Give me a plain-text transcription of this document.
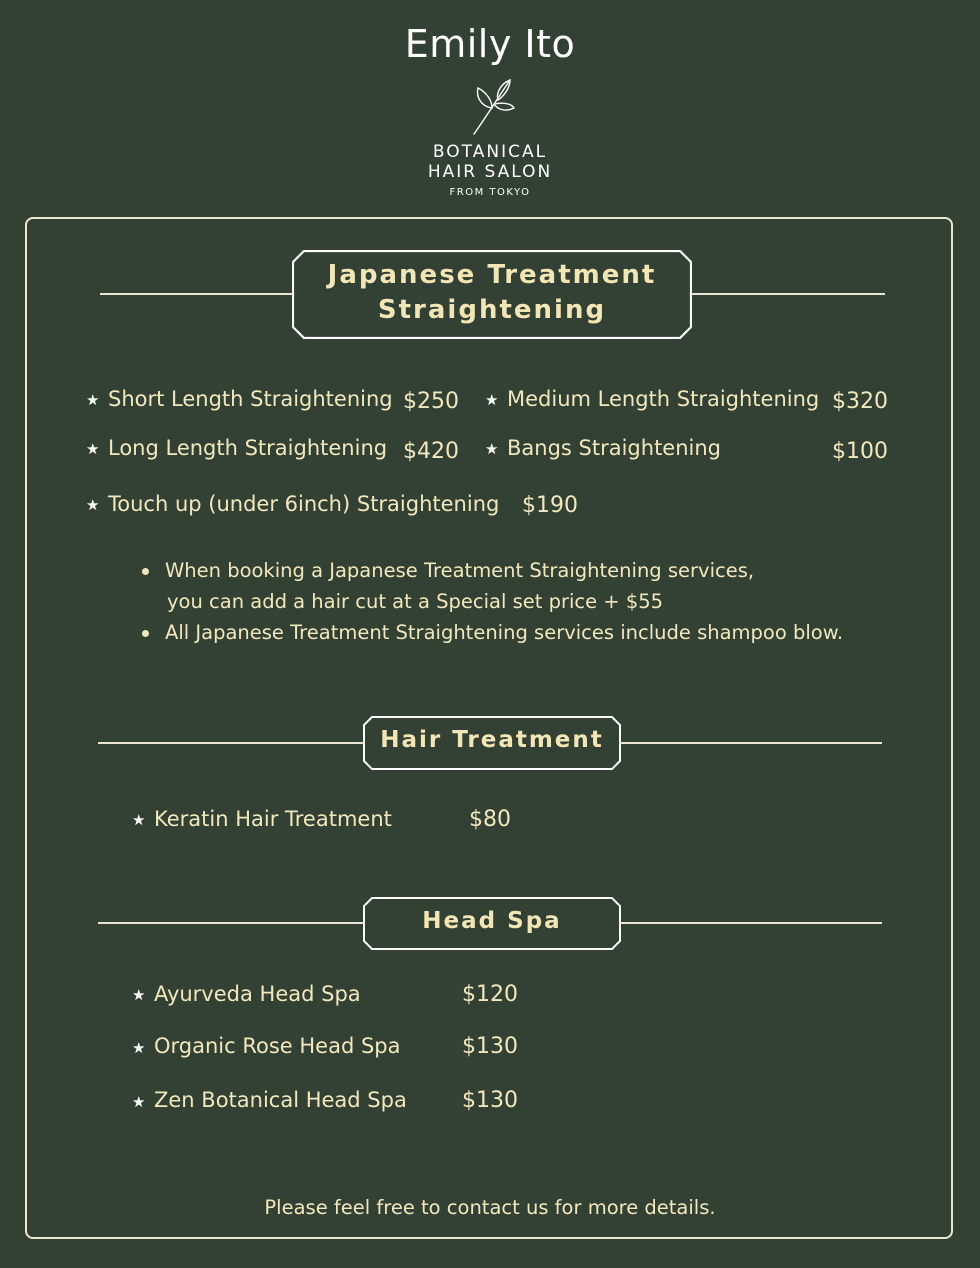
Emily Ito
BOTANICAL
HAIR SALON
FROM TOKYO
Japanese Treatment
Straightening
★ Short Length Straightening $250 ★ Medium Length Straightening $320
★ Long Length Straightening $420 ★ Bangs Straightening	$100
★ Touch up (under 6inch) Straightening $190
When booking a Japanese Treatment Straightening services,
you can add a hair cut at a Special set price + $55
All Japanese Treatment Straightening services include shampoo blow.
Hair Treatment
★ Keratin Hair Treatment	$80
Head Spa
★ Ayurveda Head Spa	$120
★ Organic Rose Head Spa	$130
★ Zen Botanical Head Spa	$130
Please feel free to contact us for more details.
